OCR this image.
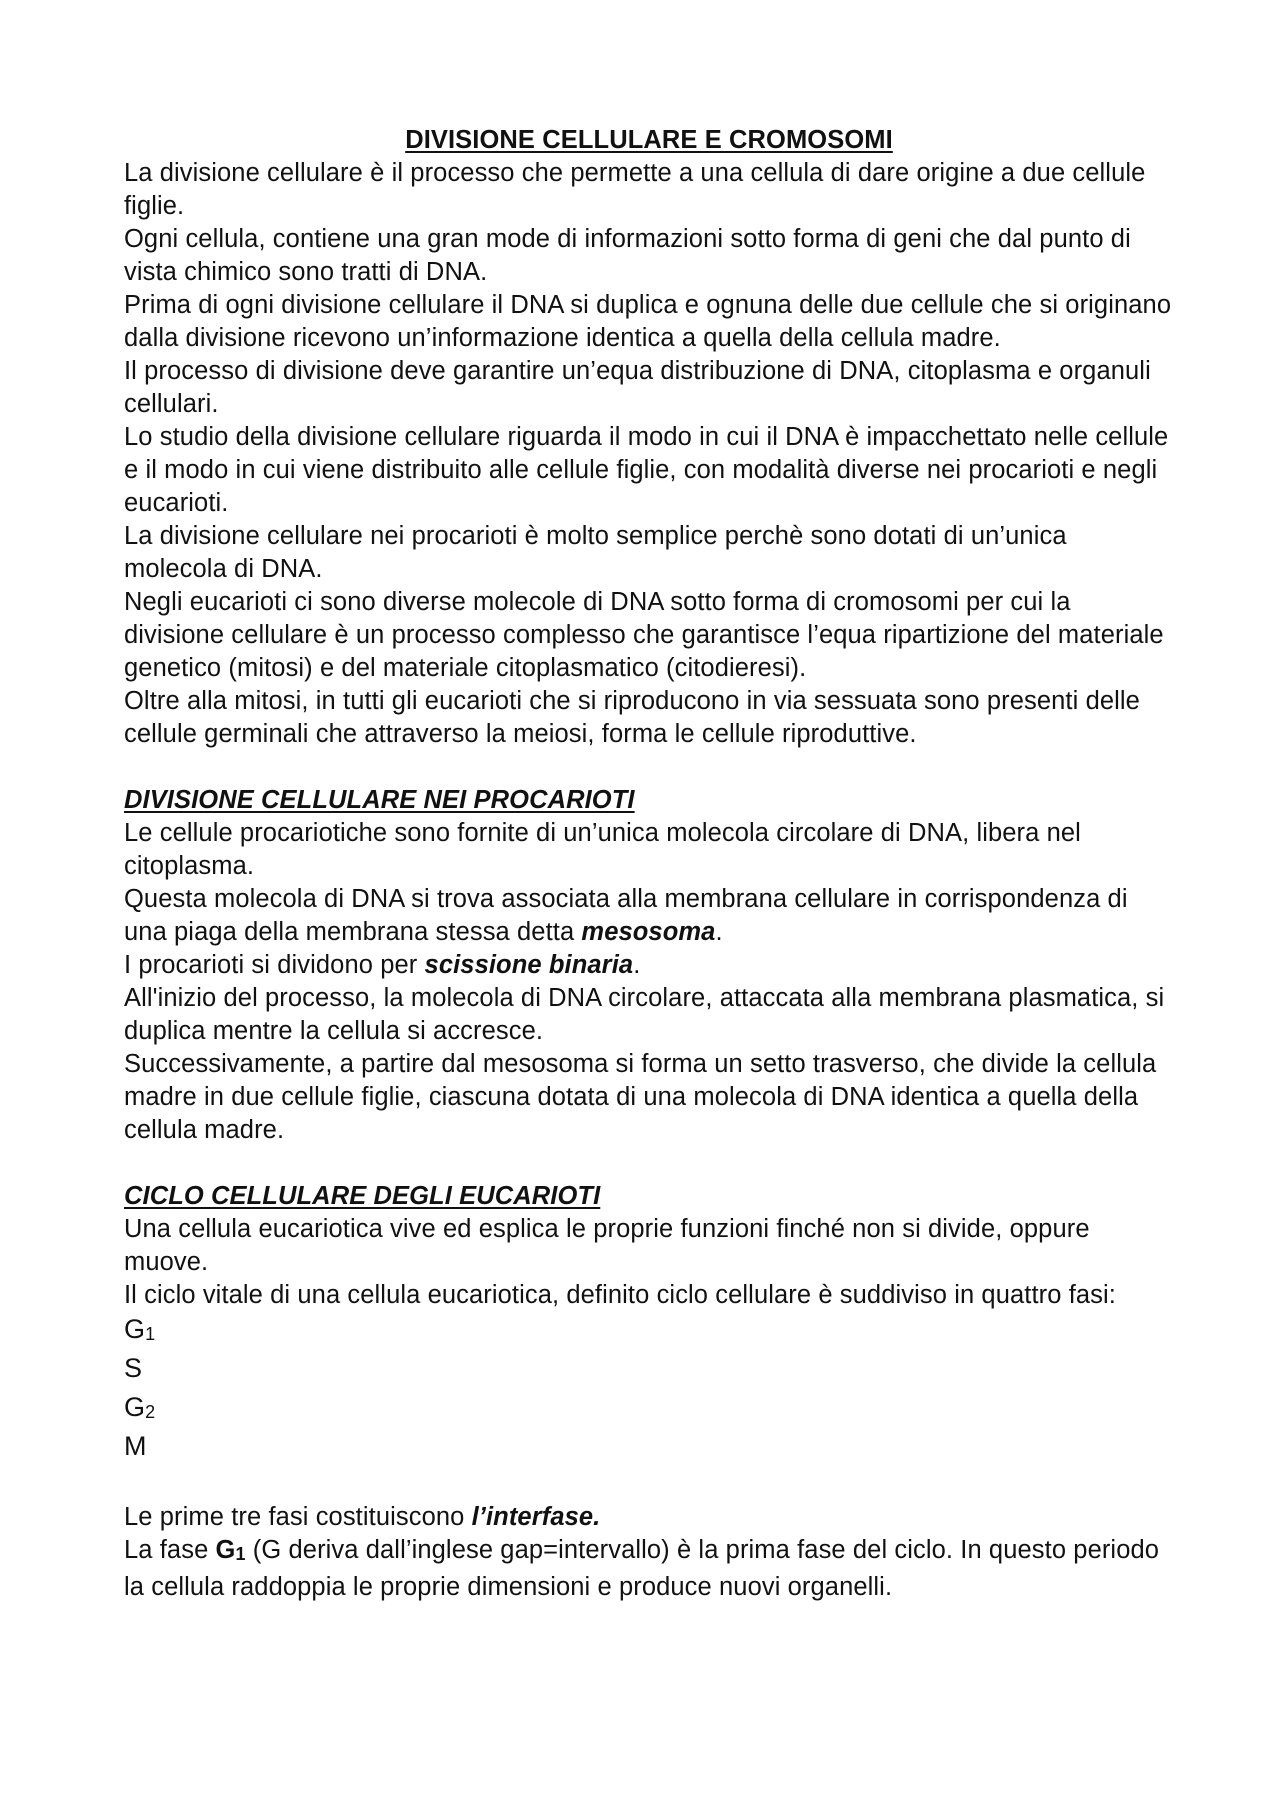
DIVISIONE CELLULARE E CROMOSOMI

La divisione cellulare è il processo che permette a una cellula di dare origine a due cellule figlie.

Ogni cellula, contiene una gran mode di informazioni sotto forma di geni che dal punto di vista chimico sono tratti di DNA.

Prima di ogni divisione cellulare il DNA si duplica e ognuna delle due cellule che si originano dalla divisione ricevono un’informazione identica a quella della cellula madre.

Il processo di divisione deve garantire un’equa distribuzione di DNA, citoplasma e organuli cellulari.

Lo studio della divisione cellulare riguarda il modo in cui il DNA è impacchettato nelle cellule e il modo in cui viene distribuito alle cellule figlie, con modalità diverse nei procarioti e negli eucarioti.

La divisione cellulare nei procarioti è molto semplice perchè sono dotati di un’unica molecola di DNA.

Negli eucarioti ci sono diverse molecole di DNA sotto forma di cromosomi per cui la divisione cellulare è un processo complesso che garantisce l’equa ripartizione del materiale genetico (mitosi) e del materiale citoplasmatico (citodieresi).

Oltre alla mitosi, in tutti gli eucarioti che si riproducono in via sessuata sono presenti delle cellule germinali che attraverso la meiosi, forma le cellule riproduttive.

DIVISIONE CELLULARE NEI PROCARIOTI

Le cellule procariotiche sono fornite di un’unica molecola circolare di DNA, libera nel citoplasma.

Questa molecola di DNA si trova associata alla membrana cellulare in corrispondenza di una piaga della membrana stessa detta mesosoma.

I procarioti si dividono per scissione binaria.

All'inizio del processo, la molecola di DNA circolare, attaccata alla membrana plasmatica, si duplica mentre la cellula si accresce.

Successivamente, a partire dal mesosoma si forma un setto trasverso, che divide la cellula madre in due cellule figlie, ciascuna dotata di una molecola di DNA identica a quella della cellula madre.

CICLO CELLULARE DEGLI EUCARIOTI

Una cellula eucariotica vive ed esplica le proprie funzioni finché non si divide, oppure muove.

Il ciclo vitale di una cellula eucariotica, definito ciclo cellulare è suddiviso in quattro fasi:

$G_1$
S
$G_2$
M

Le prime tre fasi costituiscono l’interfase.

La fase $G_1$ (G deriva dall’inglese gap=intervallo) è la prima fase del ciclo. In questo periodo la cellula raddoppia le proprie dimensioni e produce nuovi organelli.
